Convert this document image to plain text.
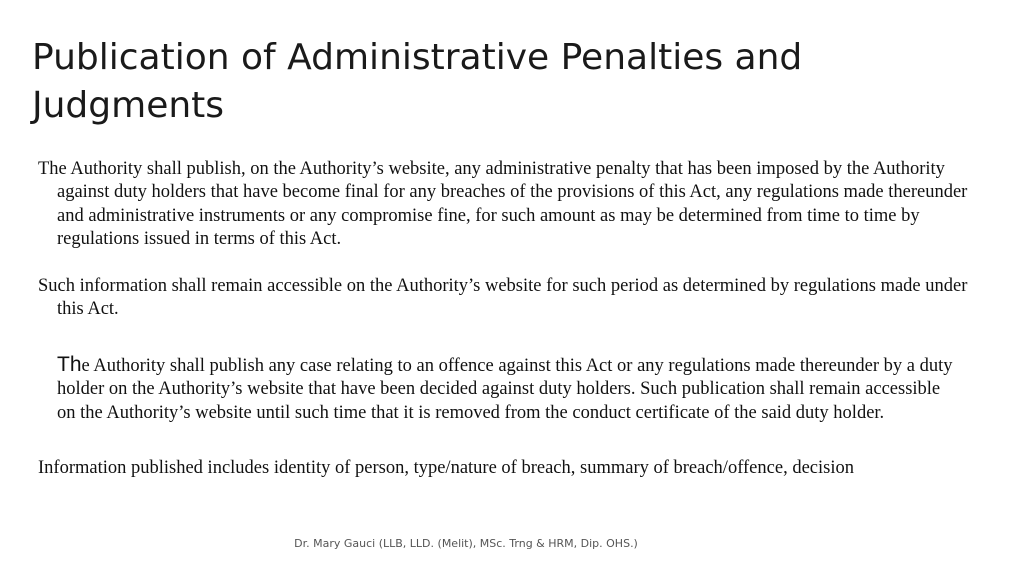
Publication of Administrative Penalties and Judgments

The Authority shall publish, on the Authority’s website, any administrative penalty that has been imposed by the Authority against duty holders that have become final for any breaches of the provisions of this Act, any regulations made thereunder and administrative instruments or any compromise fine, for such amount as may be determined from time to time by regulations issued in terms of this Act.

Such information shall remain accessible on the Authority’s website for such period as determined by regulations made under this Act.

The Authority shall publish any case relating to an offence against this Act or any regulations made thereunder by a duty holder on the Authority’s website that have been decided against duty holders. Such publication shall remain accessible on the Authority’s website until such time that it is removed from the conduct certificate of the said duty holder.

Information published includes identity of person, type/nature of breach, summary of breach/offence, decision

Dr. Mary Gauci (LLB, LLD. (Melit), MSc. Trng & HRM, Dip. OHS.)
